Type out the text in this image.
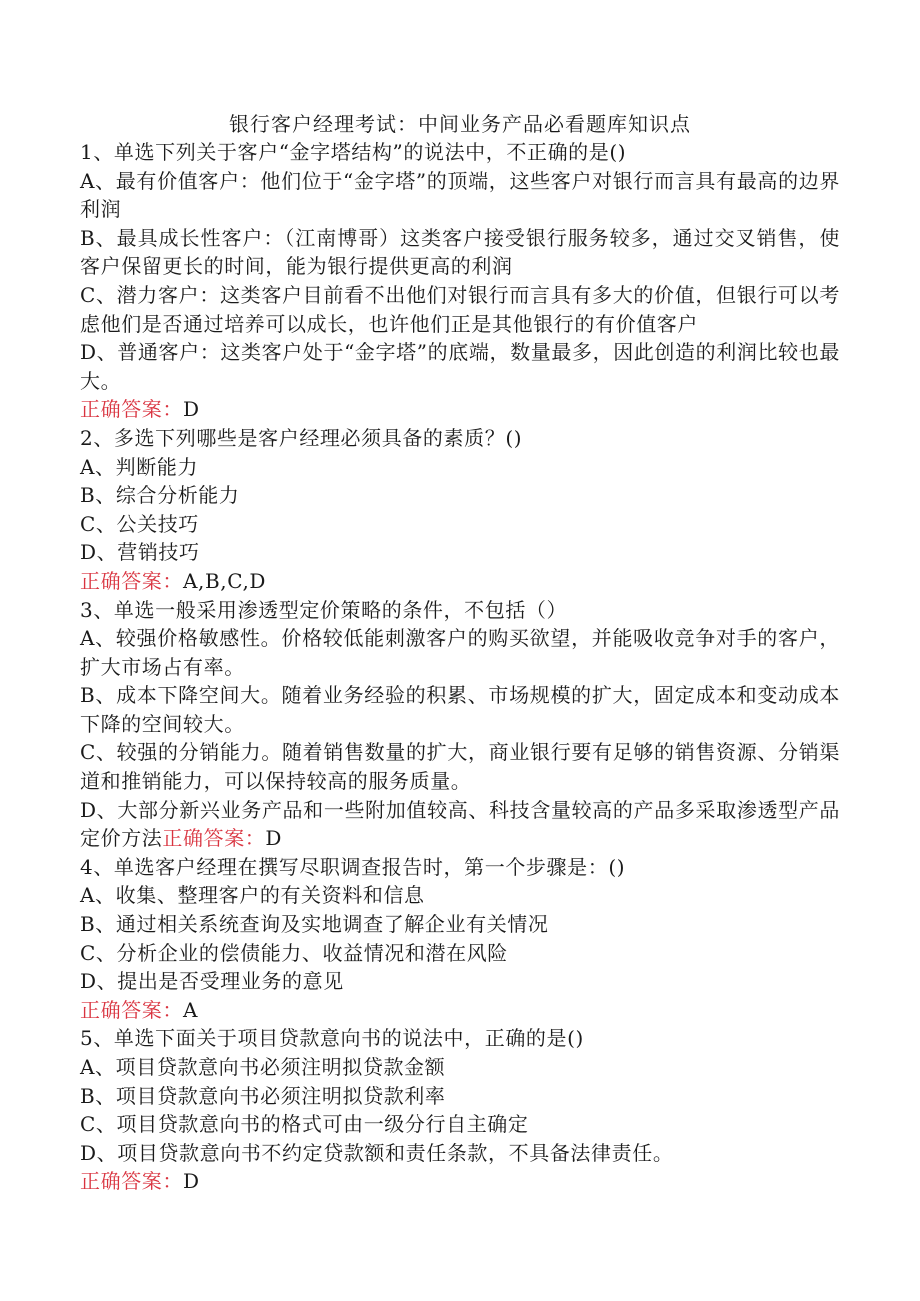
银行客户经理考试：中间业务产品必看题库知识点

1、单选下列关于客户“金字塔结构”的说法中，不正确的是()

A、最有价值客户：他们位于“金字塔”的顶端，这些客户对银行而言具有最高的边界利润

B、最具成长性客户：（江南博哥）这类客户接受银行服务较多，通过交叉销售，使客户保留更长的时间，能为银行提供更高的利润

C、潜力客户：这类客户目前看不出他们对银行而言具有多大的价值，但银行可以考虑他们是否通过培养可以成长，也许他们正是其他银行的有价值客户

D、普通客户：这类客户处于“金字塔”的底端，数量最多，因此创造的利润比较也最大。

正确答案：D

2、多选下列哪些是客户经理必须具备的素质？()

A、判断能力

B、综合分析能力

C、公关技巧

D、营销技巧

正确答案：A,B,C,D

3、单选一般采用渗透型定价策略的条件，不包括（）

A、较强价格敏感性。价格较低能刺激客户的购买欲望，并能吸收竞争对手的客户，扩大市场占有率。

B、成本下降空间大。随着业务经验的积累、市场规模的扩大，固定成本和变动成本下降的空间较大。

C、较强的分销能力。随着销售数量的扩大，商业银行要有足够的销售资源、分销渠道和推销能力，可以保持较高的服务质量。

D、大部分新兴业务产品和一些附加值较高、科技含量较高的产品多采取渗透型产品定价方法正确答案：D

4、单选客户经理在撰写尽职调查报告时，第一个步骤是：()

A、收集、整理客户的有关资料和信息

B、通过相关系统查询及实地调查了解企业有关情况

C、分析企业的偿债能力、收益情况和潜在风险

D、提出是否受理业务的意见

正确答案：A

5、单选下面关于项目贷款意向书的说法中，正确的是()

A、项目贷款意向书必须注明拟贷款金额

B、项目贷款意向书必须注明拟贷款利率

C、项目贷款意向书的格式可由一级分行自主确定

D、项目贷款意向书不约定贷款额和责任条款，不具备法律责任。

正确答案：D
